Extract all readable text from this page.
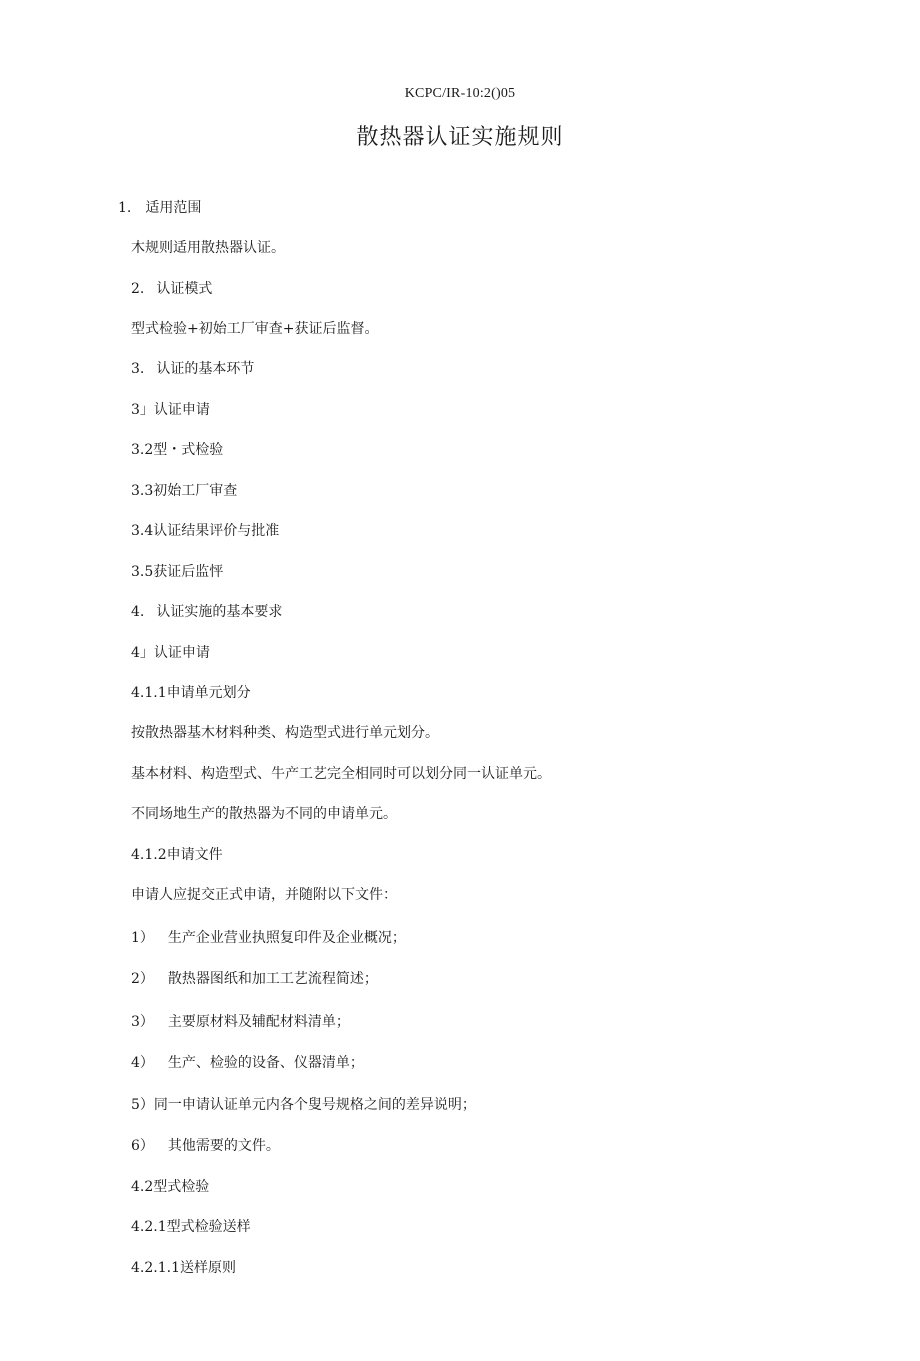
KCPC/IR-10:2()05
散热器认证实施规则
1. 适用范围
木规则适用散热器认证。
2. 认证模式
型式检验+初始工厂审查+获证后监督。
3. 认证的基本环节
3」认证申请
3.2型・式检验
3.3初始工厂审查
3.4认证结果评价与批准
3.5获证后监怦
4. 认证实施的基本要求
4」认证申请
4.1.1申请单元划分
按散热器基木材料种类、构造型式进行单元划分。
基本材料、构造型式、牛产工艺完全相同时可以划分同一认证单元。
不同场地生产的散热器为不同的申请单元。
4.1.2申请文件
申请人应捉交正式申请，并随附以下文件：
1） 生产企业营业执照复印件及企业概况；
2） 散热器图纸和加工工艺流程简述；
3） 主要原材料及辅配材料清单；
4） 生产、检验的设备、仪器清单；
5）同一申请认证单元内各个叟号规格之间的差异说明；
6） 其他需要的文件。
4.2型式检验
4.2.1型式检验送样
4.2.1.1送样原则
